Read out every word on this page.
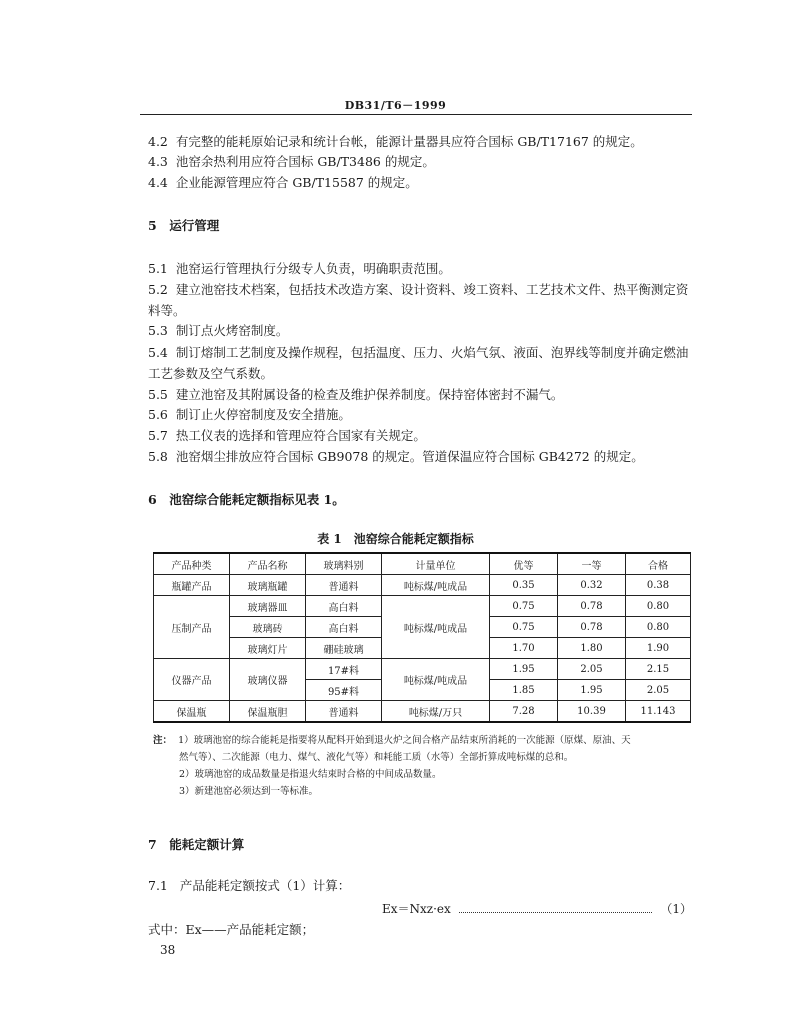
DB31/T6－1999
4.2 有完整的能耗原始记录和统计台帐，能源计量器具应符合国标 GB/T17167 的规定。
4.3 池窑余热利用应符合国标 GB/T3486 的规定。
4.4 企业能源管理应符合 GB/T15587 的规定。
5　运行管理
5.1 池窑运行管理执行分级专人负责，明确职责范围。
5.2 建立池窑技术档案，包括技术改造方案、设计资料、竣工资料、工艺技术文件、热平衡测定资料等。
5.3 制订点火烤窑制度。
5.4 制订熔制工艺制度及操作规程，包括温度、压力、火焰气氛、液面、泡界线等制度并确定燃油工艺参数及空气系数。
5.5 建立池窑及其附属设备的检查及维护保养制度。保持窑体密封不漏气。
5.6 制订止火停窑制度及安全措施。
5.7 热工仪表的选择和管理应符合国家有关规定。
5.8 池窑烟尘排放应符合国标 GB9078 的规定。管道保温应符合国标 GB4272 的规定。
6　池窑综合能耗定额指标见表 1。
表 1　池窑综合能耗定额指标
产品种类	产品名称	玻璃料别	计量单位	优等	一等	合格
瓶罐产品	玻璃瓶罐	普通料	吨标煤/吨成品	0.35	0.32	0.38
压制产品	玻璃器皿	高白料	吨标煤/吨成品	0.75	0.78	0.80
	玻璃砖	高白料		0.75	0.78	0.80
	玻璃灯片	硼硅玻璃		1.70	1.80	1.90
仪器产品	玻璃仪器	17#料	吨标煤/吨成品	1.95	2.05	2.15
		95#料		1.85	1.95	2.05
保温瓶	保温瓶胆	普通料	吨标煤/万只	7.28	10.39	11.143
注： 1）玻璃池窑的综合能耗是指要将从配料开始到退火炉之间合格产品结束所消耗的一次能源（原煤、原油、天
然气等）、二次能源（电力、煤气、液化气等）和耗能工质（水等）全部折算成吨标煤的总和。
2）玻璃池窑的成品数量是指退火结束时合格的中间成品数量。
3）新建池窑必须达到一等标准。
7　能耗定额计算
7.1 产品能耗定额按式（1）计算：
Ex＝Nxz·ex	（1）
式中：Ex——产品能耗定额；
38
